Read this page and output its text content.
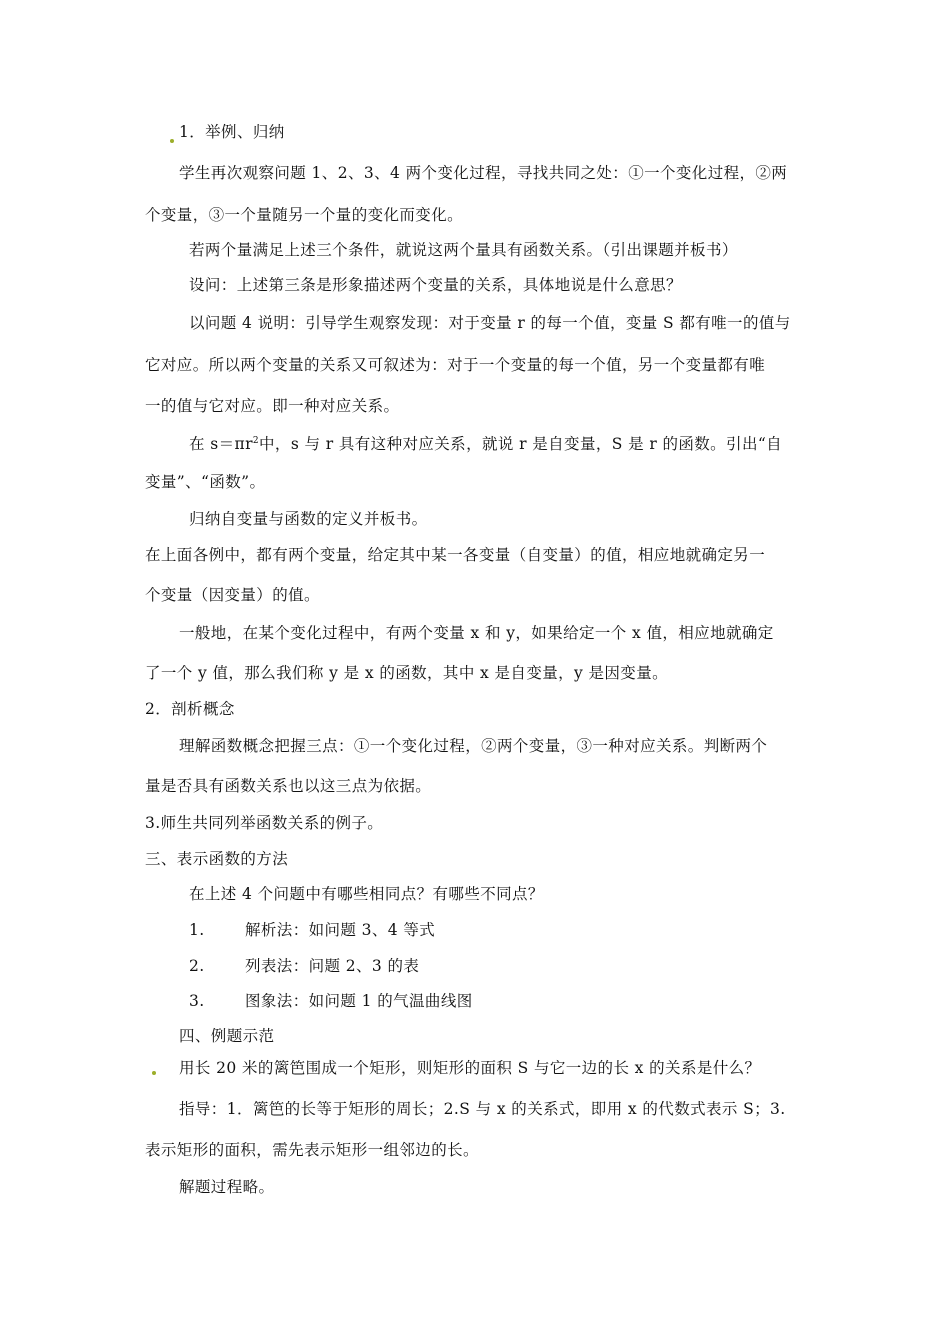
1．举例、归纳
学生再次观察问题 1、2、3、4 两个变化过程，寻找共同之处：①一个变化过程，②两
个变量，③一个量随另一个量的变化而变化。
若两个量满足上述三个条件，就说这两个量具有函数关系。（引出课题并板书）
设问：上述第三条是形象描述两个变量的关系，具体地说是什么意思？
以问题 4 说明：引导学生观察发现：对于变量 r 的每一个值，变量 S 都有唯一的值与
它对应。所以两个变量的关系又可叙述为：对于一个变量的每一个值，另一个变量都有唯
一的值与它对应。即一种对应关系。
在 $s=\pi r^2$中，s 与 r 具有这种对应关系，就说 r 是自变量，S 是 r 的函数。引出“自
变量”、“函数”。
归纳自变量与函数的定义并板书。
在上面各例中，都有两个变量，给定其中某一各变量（自变量）的值，相应地就确定另一
个变量（因变量）的值。
一般地，在某个变化过程中，有两个变量 x 和 y，如果给定一个 x 值，相应地就确定
了一个 y 值，那么我们称 y 是 x 的函数，其中 x 是自变量，y 是因变量。
2．剖析概念
理解函数概念把握三点：①一个变化过程，②两个变量，③一种对应关系。判断两个
量是否具有函数关系也以这三点为依据。
3.师生共同列举函数关系的例子。
三、表示函数的方法
在上述 4 个问题中有哪些相同点？有哪些不同点？
1.	解析法：如问题 3、4 等式
2.	列表法：问题 2、3 的表
3.	图象法：如问题 1 的气温曲线图
四、例题示范
用长 20 米的篱笆围成一个矩形，则矩形的面积 S 与它一边的长 x 的关系是什么？
指导：1．篱笆的长等于矩形的周长；2.S 与 x 的关系式，即用 x 的代数式表示 S；3.
表示矩形的面积，需先表示矩形一组邻边的长。
解题过程略。
